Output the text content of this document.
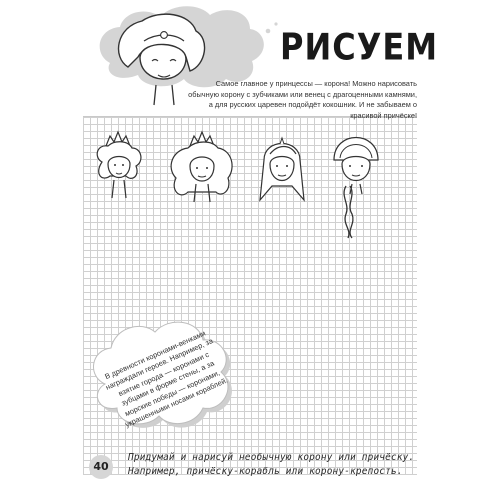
РИСУЕМ
Самое главное у принцессы — корона! Можно нарисовать обычную корону с зубчиками или венец с драгоценными камнями, а для русских царевен подойдёт кокошник. И не забываем о красивой причёске!
В древности коронами-венками награждали героев. Например, за взятие города — коронами с зубцами в форме стены, а за морские победы — коронами, украшенными носами кораблей.
40
Придумай и нарисуй необычную корону или причёску. Например, причёску-корабль или корону-крепость.
